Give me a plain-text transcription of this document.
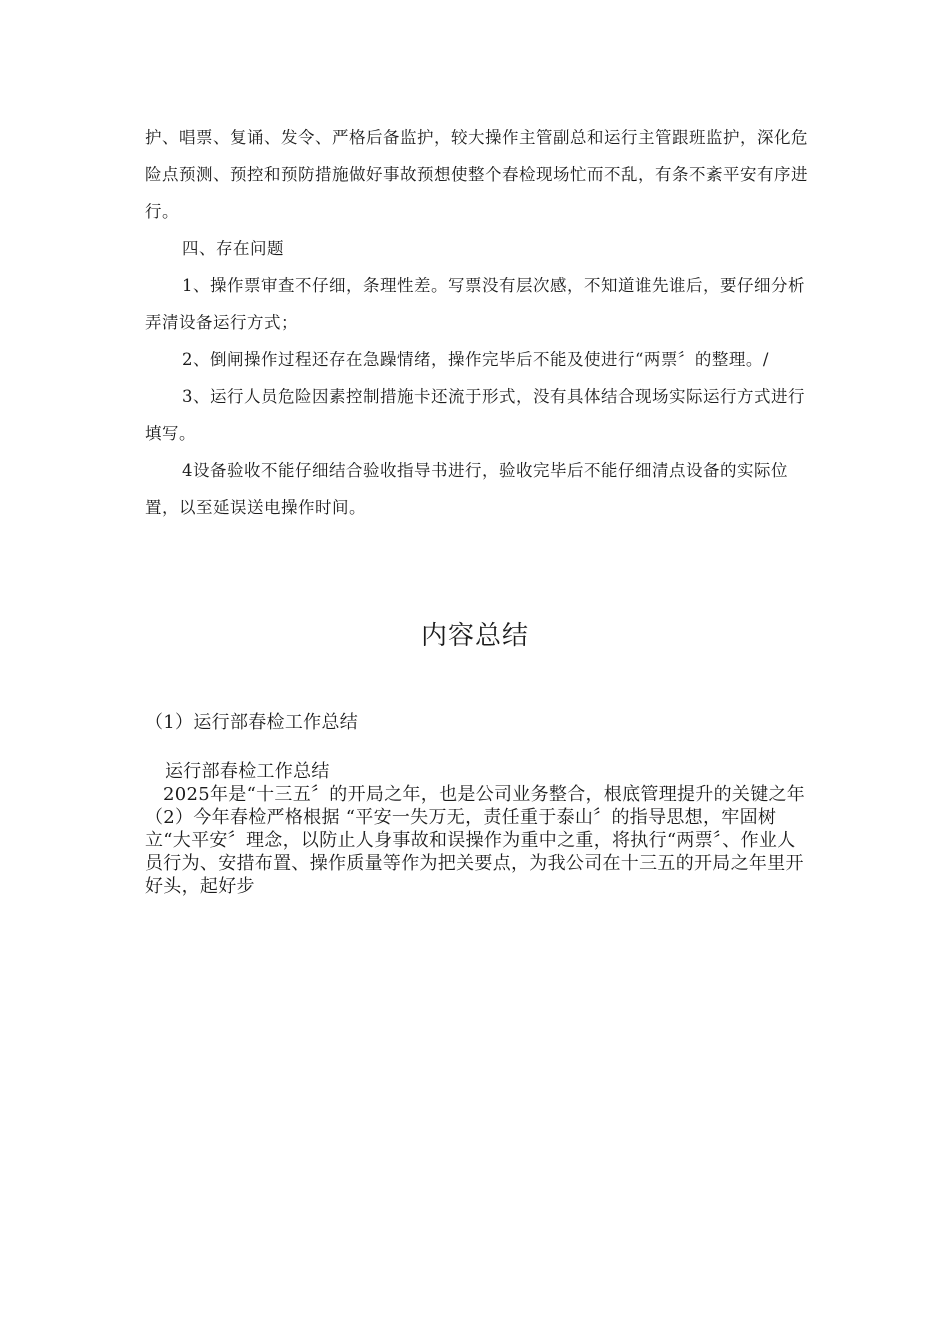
护、唱票、复诵、发令、严格后备监护，较大操作主管副总和运行主管跟班监护，深化危险点预测、预控和预防措施做好事故预想使整个春检现场忙而不乱，有条不紊平安有序进行。

四、存在问题

1、操作票审查不仔细，条理性差。写票没有层次感，不知道谁先谁后，要仔细分析弄清设备运行方式；

2、倒闸操作过程还存在急躁情绪，操作完毕后不能及使进行“两票〞的整理。/

3、运行人员危险因素控制措施卡还流于形式，没有具体结合现场实际运行方式进行填写。

4设备验收不能仔细结合验收指导书进行，验收完毕后不能仔细清点设备的实际位置，以至延误送电操作时间。

内容总结

（1）运行部春检工作总结

运行部春检工作总结

2025年是“十三五〞的开局之年，也是公司业务整合，根底管理提升的关键之年

（2）今年春检严格根据 “平安一失万无，责任重于泰山〞的指导思想，牢固树立“大平安〞理念，以防止人身事故和误操作为重中之重，将执行“两票〞、作业人员行为、安措布置、操作质量等作为把关要点，为我公司在十三五的开局之年里开好头，起好步
